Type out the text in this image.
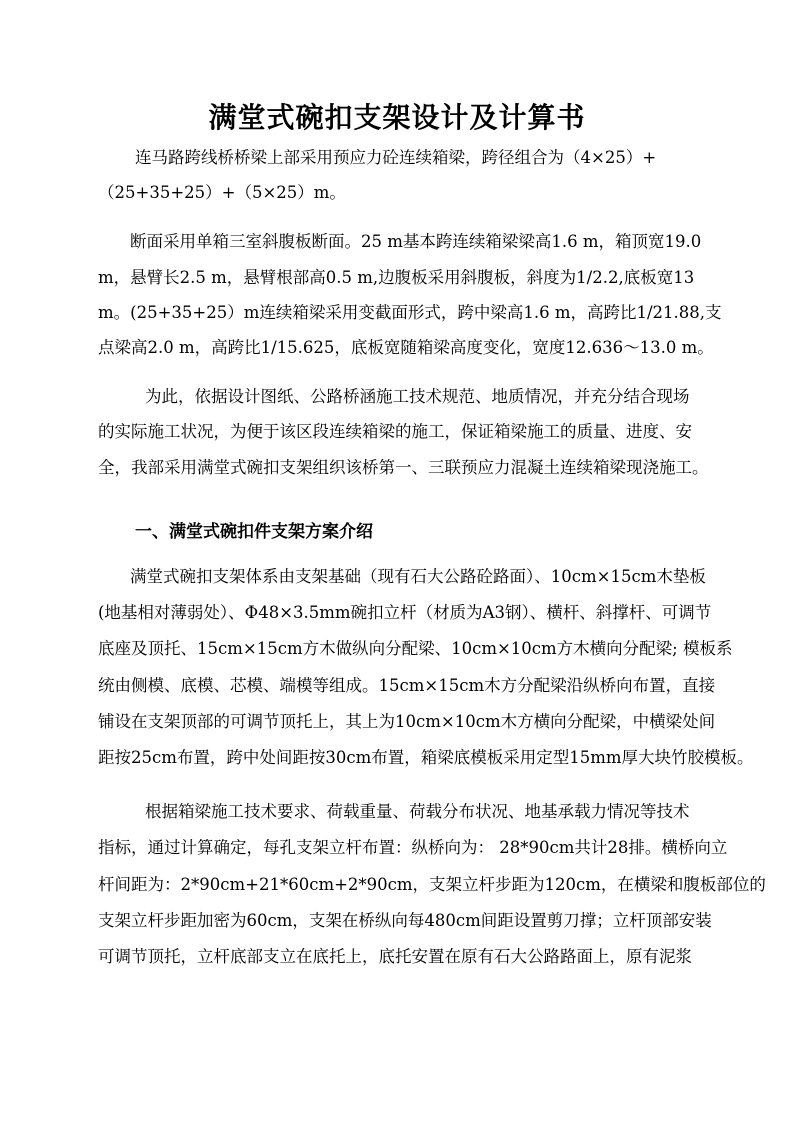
满堂式碗扣支架设计及计算书
连马路跨线桥桥梁上部采用预应力砼连续箱梁，跨径组合为（4×25）+
（25+35+25）+（5×25）m。
断面采用单箱三室斜腹板断面。25 m基本跨连续箱梁梁高1.6 m，箱顶宽19.0
m，悬臂长2.5 m，悬臂根部高0.5 m,边腹板采用斜腹板，斜度为1/2.2,底板宽13
m。(25+35+25）m连续箱梁采用变截面形式，跨中梁高1.6 m，高跨比1/21.88,支
点梁高2.0 m，高跨比1/15.625，底板宽随箱梁高度变化，宽度12.636～13.0 m。
为此，依据设计图纸、公路桥涵施工技术规范、地质情况，并充分结合现场
的实际施工状况，为便于该区段连续箱梁的施工，保证箱梁施工的质量、进度、安
全，我部采用满堂式碗扣支架组织该桥第一、三联预应力混凝土连续箱梁现浇施工。
一、满堂式碗扣件支架方案介绍
满堂式碗扣支架体系由支架基础（现有石大公路砼路面）、10cm×15cm木垫板
(地基相对薄弱处）、Φ48×3.5mm碗扣立杆（材质为A3钢）、横杆、斜撑杆、可调节
底座及顶托、15cm×15cm方木做纵向分配梁、10cm×10cm方木横向分配梁; 模板系
统由侧模、底模、芯模、端模等组成。15cm×15cm木方分配梁沿纵桥向布置，直接
铺设在支架顶部的可调节顶托上，其上为10cm×10cm木方横向分配梁，中横梁处间
距按25cm布置，跨中处间距按30cm布置，箱梁底模板采用定型15mm厚大块竹胶模板。
根据箱梁施工技术要求、荷载重量、荷载分布状况、地基承载力情况等技术
指标，通过计算确定，每孔支架立杆布置：纵桥向为： 28*90cm共计28排。横桥向立
杆间距为：2*90cm+21*60cm+2*90cm，支架立杆步距为120cm，在横梁和腹板部位的
支架立杆步距加密为60cm，支架在桥纵向每480cm间距设置剪刀撑；立杆顶部安装
可调节顶托，立杆底部支立在底托上，底托安置在原有石大公路路面上，原有泥浆
